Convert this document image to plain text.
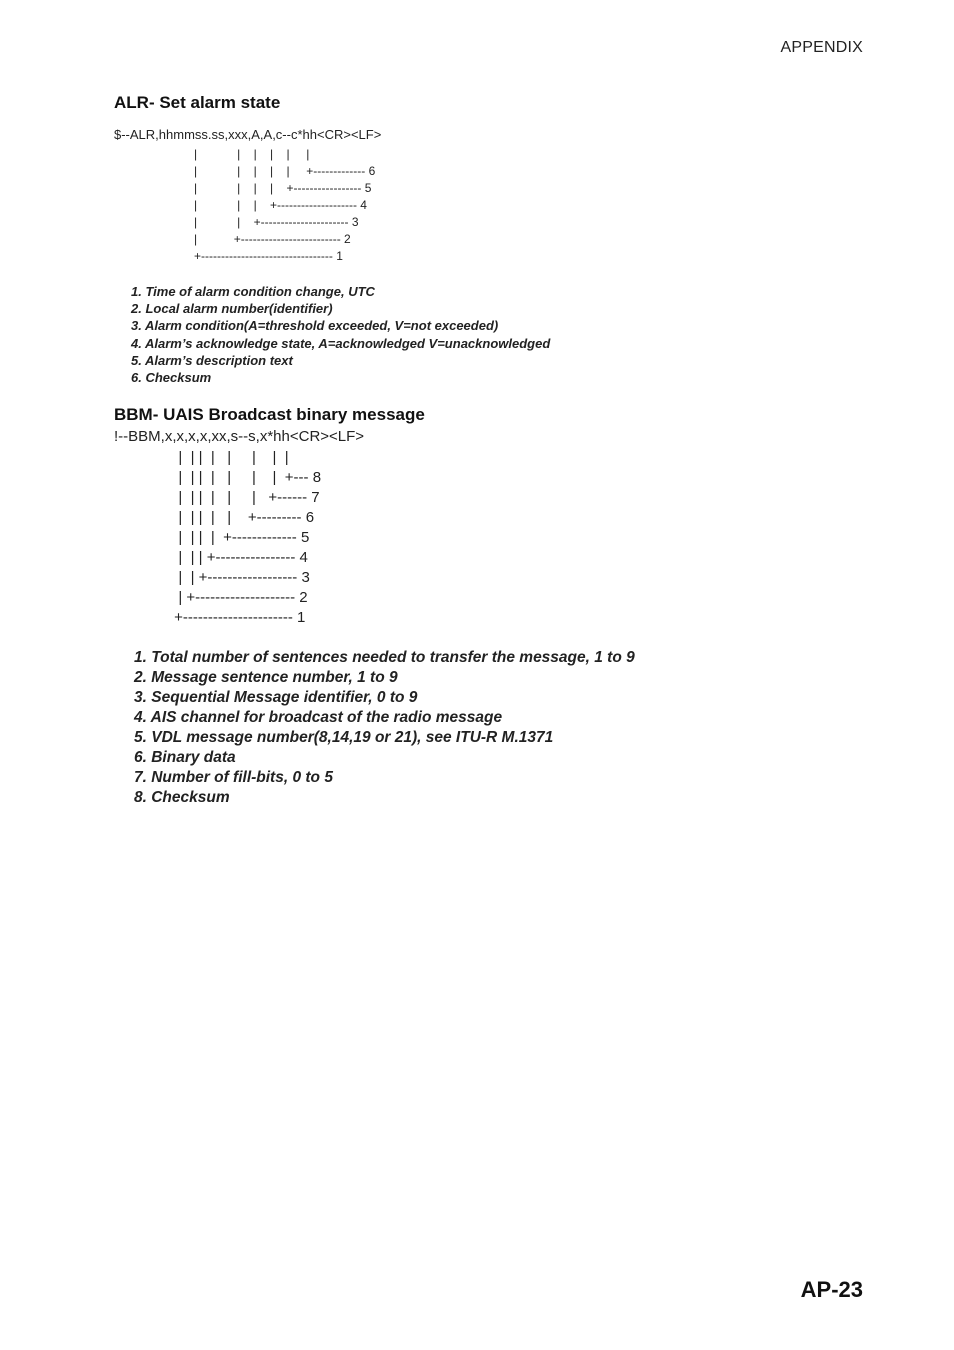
APPENDIX
ALR- Set alarm state
$--ALR,hhmmss.ss,xxx,A,A,c--c*hh<CR><LF>
|            |    |    |    |     |
|            |    |    |    |     +------------- 6
|            |    |    |    +----------------- 5
|            |    |    +-------------------- 4
|            |    +---------------------- 3
|           +------------------------- 2
+--------------------------------- 1
1. Time of alarm condition change, UTC
2. Local alarm number(identifier)
3. Alarm condition(A=threshold exceeded, V=not exceeded)
4. Alarm’s acknowledge state, A=acknowledged V=unacknowledged
5. Alarm’s description text
6. Checksum
BBM- UAIS Broadcast binary message
!--BBM,x,x,x,x,xx,s--s,x*hh<CR><LF>
|  | |  |   |     |    |  |
|  | |  |   |     |    |  +--- 8
|  | |  |   |     |   +------ 7
|  | |  |   |    +--------- 6
|  | |  |  +------------- 5
|  | | +---------------- 4
|  | +------------------ 3
| +-------------------- 2
+---------------------- 1
1. Total number of sentences needed to transfer the message, 1 to 9
2. Message sentence number, 1 to 9
3. Sequential Message identifier, 0 to 9
4. AIS channel for broadcast of the radio message
5. VDL message number(8,14,19 or 21), see ITU-R M.1371
6. Binary data
7. Number of fill-bits, 0 to 5
8. Checksum
AP-23
